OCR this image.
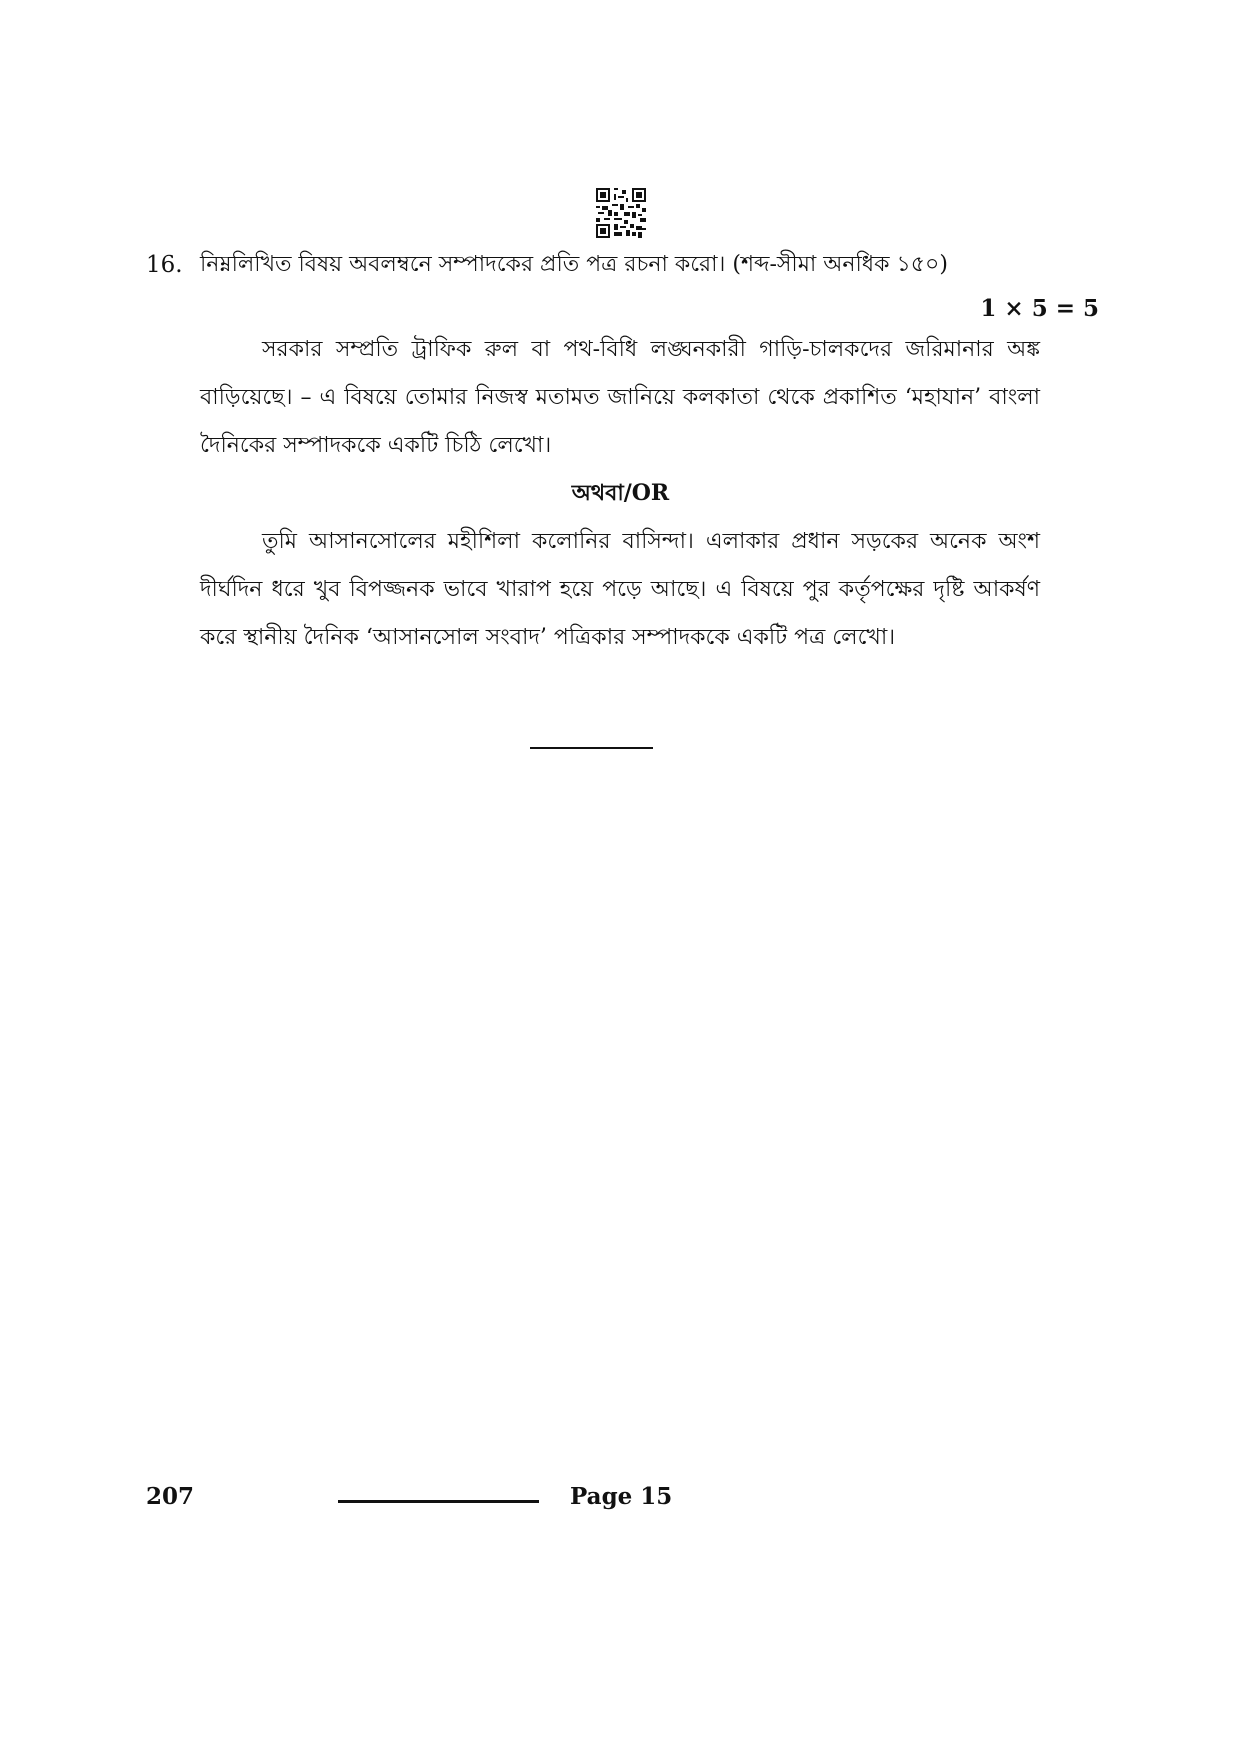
16. নিম্নলিখিত বিষয় অবলম্বনে সম্পাদকের প্রতি পত্র রচনা করো। (শব্দ-সীমা অনধিক ১৫০)
1 × 5 = 5
সরকার সম্প্রতি ট্রাফিক রুল বা পথ-বিধি লঙ্ঘনকারী গাড়ি-চালকদের জরিমানার অঙ্ক বাড়িয়েছে। – এ বিষয়ে তোমার নিজস্ব মতামত জানিয়ে কলকাতা থেকে প্রকাশিত ‘মহাযান’ বাংলা দৈনিকের সম্পাদককে একটি চিঠি লেখো।
অথবা/OR
তুমি আসানসোলের মহীশিলা কলোনির বাসিন্দা। এলাকার প্রধান সড়কের অনেক অংশ দীর্ঘদিন ধরে খুব বিপজ্জনক ভাবে খারাপ হয়ে পড়ে আছে। এ বিষয়ে পুর কর্তৃপক্ষের দৃষ্টি আকর্ষণ করে স্থানীয় দৈনিক ‘আসানসোল সংবাদ’ পত্রিকার সম্পাদককে একটি পত্র লেখো।
207	Page 15
